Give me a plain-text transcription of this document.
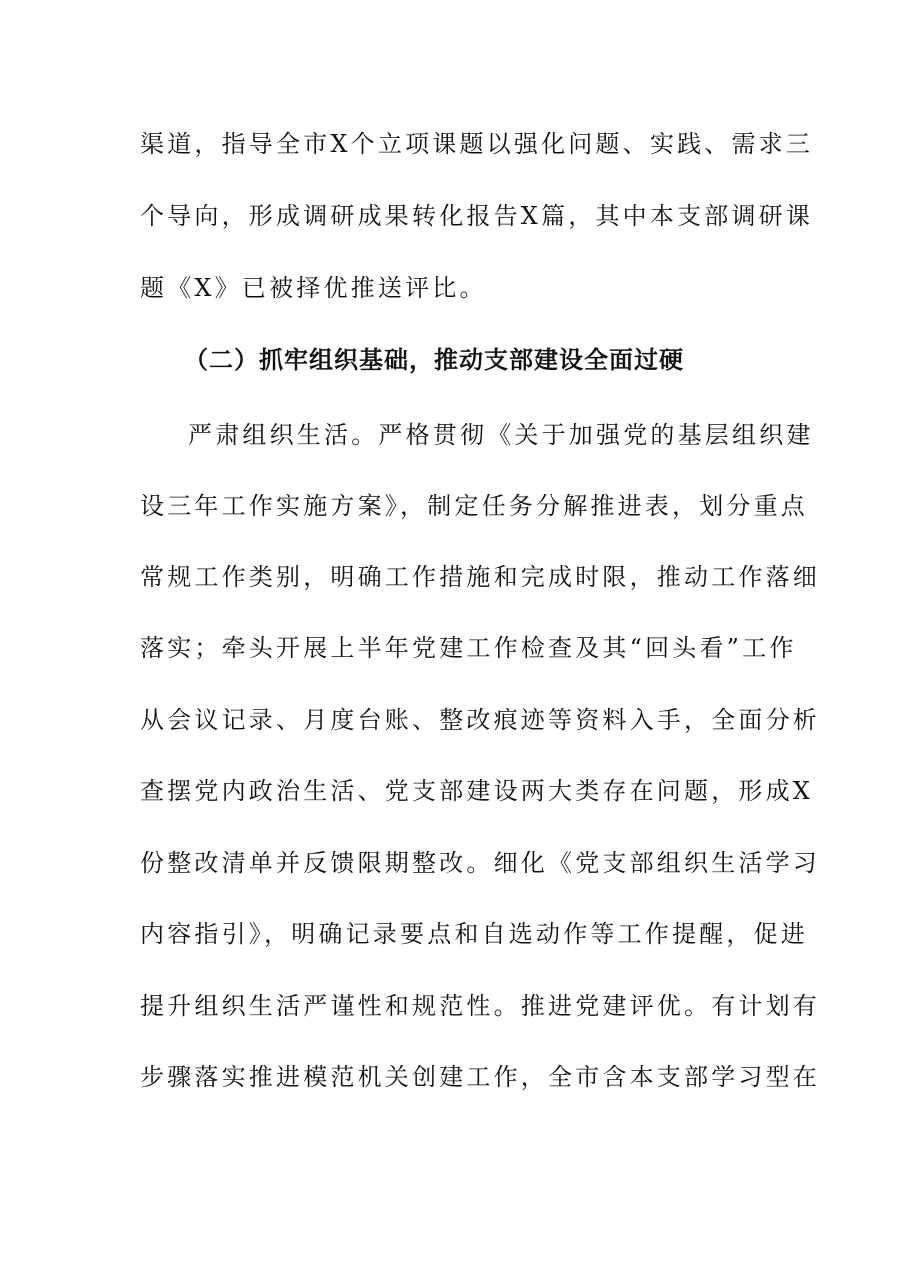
渠道，指导全市X个立项课题以强化问题、实践、需求三
个导向，形成调研成果转化报告X篇，其中本支部调研课
题《X》已被择优推送评比。
（二）抓牢组织基础，推动支部建设全面过硬
严肃组织生活。严格贯彻《关于加强党的基层组织建
设三年工作实施方案》，制定任务分解推进表，划分重点
常规工作类别，明确工作措施和完成时限，推动工作落细
落实；牵头开展上半年党建工作检查及其“回头看”工作
从会议记录、月度台账、整改痕迹等资料入手，全面分析
查摆党内政治生活、党支部建设两大类存在问题，形成X
份整改清单并反馈限期整改。细化《党支部组织生活学习
内容指引》，明确记录要点和自选动作等工作提醒，促进
提升组织生活严谨性和规范性。推进党建评优。有计划有
步骤落实推进模范机关创建工作，全市含本支部学习型在
